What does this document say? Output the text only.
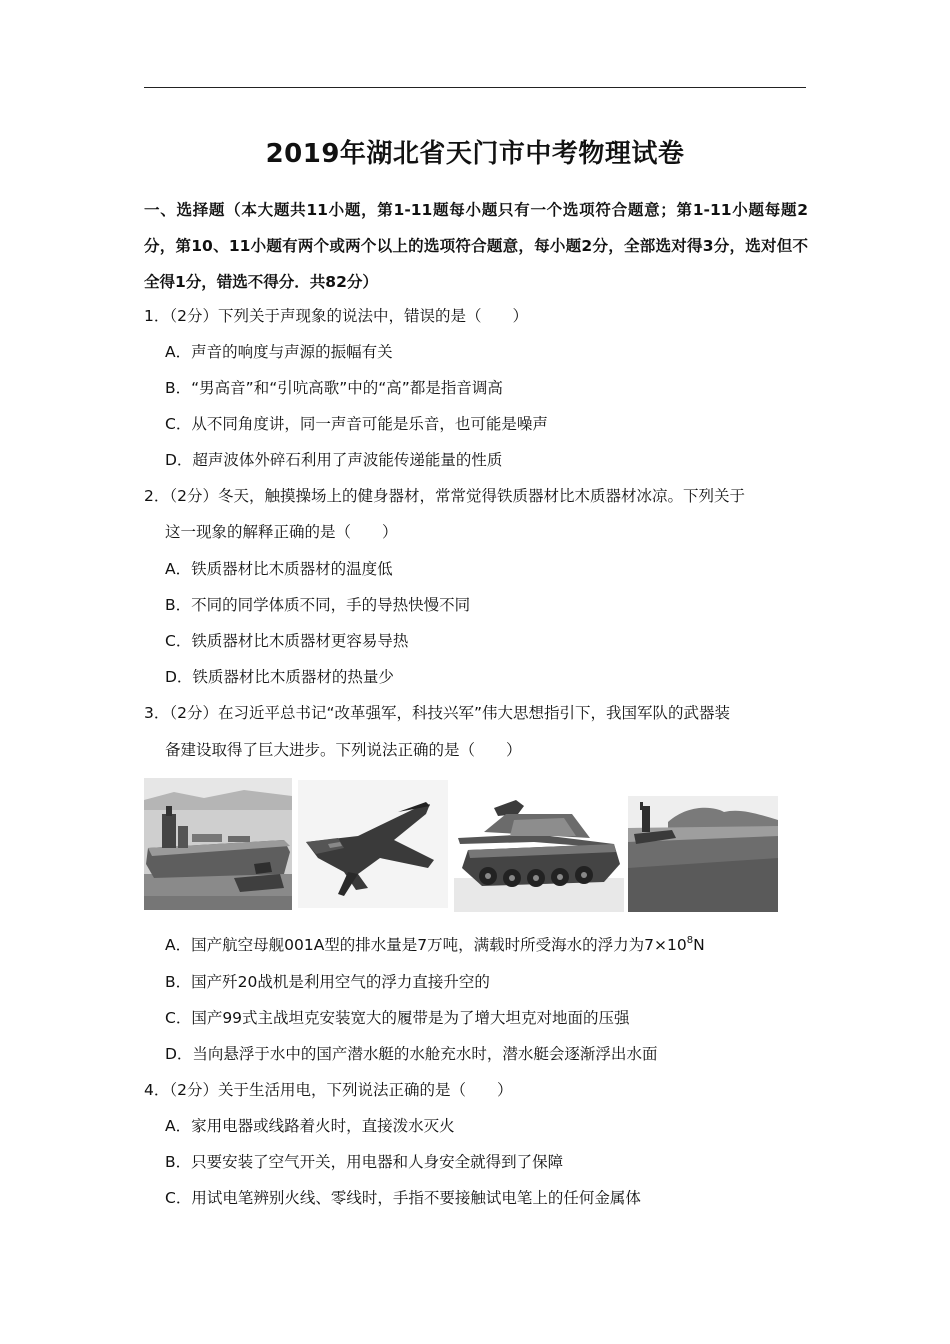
2019年湖北省天门市中考物理试卷
一、选择题（本大题共11小题，第1-11题每小题只有一个选项符合题意；第1-11小题每题2分，第10、11小题有两个或两个以上的选项符合题意，每小题2分，全部选对得3分，选对但不全得1分，错选不得分．共82分）
1．（2分）下列关于声现象的说法中，错误的是（　　）
A．声音的响度与声源的振幅有关
B．“男高音”和“引吭高歌”中的“高”都是指音调高
C．从不同角度讲，同一声音可能是乐音，也可能是噪声
D．超声波体外碎石利用了声波能传递能量的性质
2．（2分）冬天，触摸操场上的健身器材，常常觉得铁质器材比木质器材冰凉。下列关于
这一现象的解释正确的是（　　）
A．铁质器材比木质器材的温度低
B．不同的同学体质不同，手的导热快慢不同
C．铁质器材比木质器材更容易导热
D．铁质器材比木质器材的热量少
3．（2分）在习近平总书记“改革强军，科技兴军”伟大思想指引下，我国军队的武器装
备建设取得了巨大进步。下列说法正确的是（　　）
A．国产航空母舰001A型的排水量是7万吨，满载时所受海水的浮力为$7\times 10^8N$
B．国产歼20战机是利用空气的浮力直接升空的
C．国产99式主战坦克安装宽大的履带是为了增大坦克对地面的压强
D．当向悬浮于水中的国产潜水艇的水舱充水时，潜水艇会逐渐浮出水面
4．（2分）关于生活用电，下列说法正确的是（　　）
A．家用电器或线路着火时，直接泼水灭火
B．只要安装了空气开关，用电器和人身安全就得到了保障
C．用试电笔辨别火线、零线时，手指不要接触试电笔上的任何金属体
